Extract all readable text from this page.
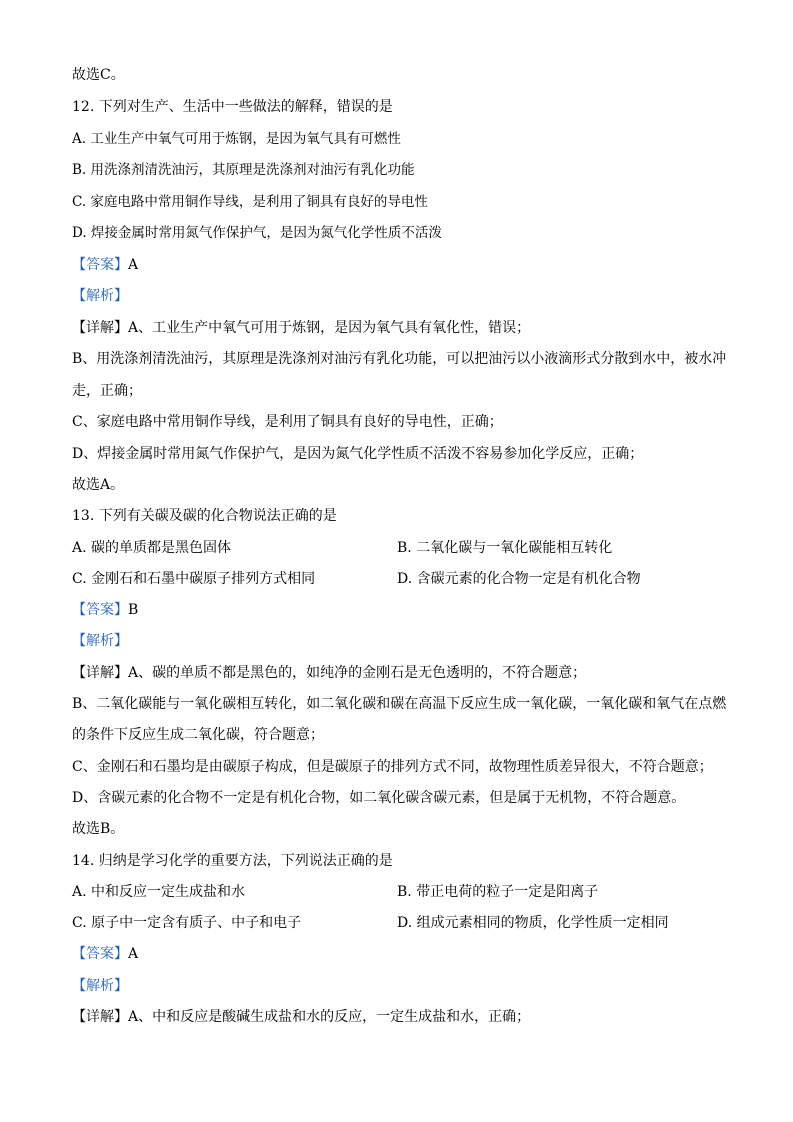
故选C。
12. 下列对生产、生活中一些做法的解释，错误的是
A. 工业生产中氧气可用于炼钢，是因为氧气具有可燃性
B. 用洗涤剂清洗油污，其原理是洗涤剂对油污有乳化功能
C. 家庭电路中常用铜作导线，是利用了铜具有良好的导电性
D. 焊接金属时常用氮气作保护气，是因为氮气化学性质不活泼
【答案】A
【解析】
【详解】A、工业生产中氧气可用于炼钢，是因为氧气具有氧化性，错误；
B、用洗涤剂清洗油污，其原理是洗涤剂对油污有乳化功能，可以把油污以小液滴形式分散到水中，被水冲
走，正确；
C、家庭电路中常用铜作导线，是利用了铜具有良好的导电性，正确；
D、焊接金属时常用氮气作保护气，是因为氮气化学性质不活泼不容易参加化学反应，正确；
故选A。
13. 下列有关碳及碳的化合物说法正确的是
A. 碳的单质都是黑色固体	B. 二氧化碳与一氧化碳能相互转化
C. 金刚石和石墨中碳原子排列方式相同	D. 含碳元素的化合物一定是有机化合物
【答案】B
【解析】
【详解】A、碳的单质不都是黑色的，如纯净的金刚石是无色透明的，不符合题意；
B、二氧化碳能与一氧化碳相互转化，如二氧化碳和碳在高温下反应生成一氧化碳，一氧化碳和氧气在点燃
的条件下反应生成二氧化碳，符合题意；
C、金刚石和石墨均是由碳原子构成，但是碳原子的排列方式不同，故物理性质差异很大，不符合题意；
D、含碳元素的化合物不一定是有机化合物，如二氧化碳含碳元素，但是属于无机物，不符合题意。
故选B。
14. 归纳是学习化学的重要方法，下列说法正确的是
A. 中和反应一定生成盐和水	B. 带正电荷的粒子一定是阳离子
C. 原子中一定含有质子、中子和电子	D. 组成元素相同的物质，化学性质一定相同
【答案】A
【解析】
【详解】A、中和反应是酸碱生成盐和水的反应，一定生成盐和水，正确；
